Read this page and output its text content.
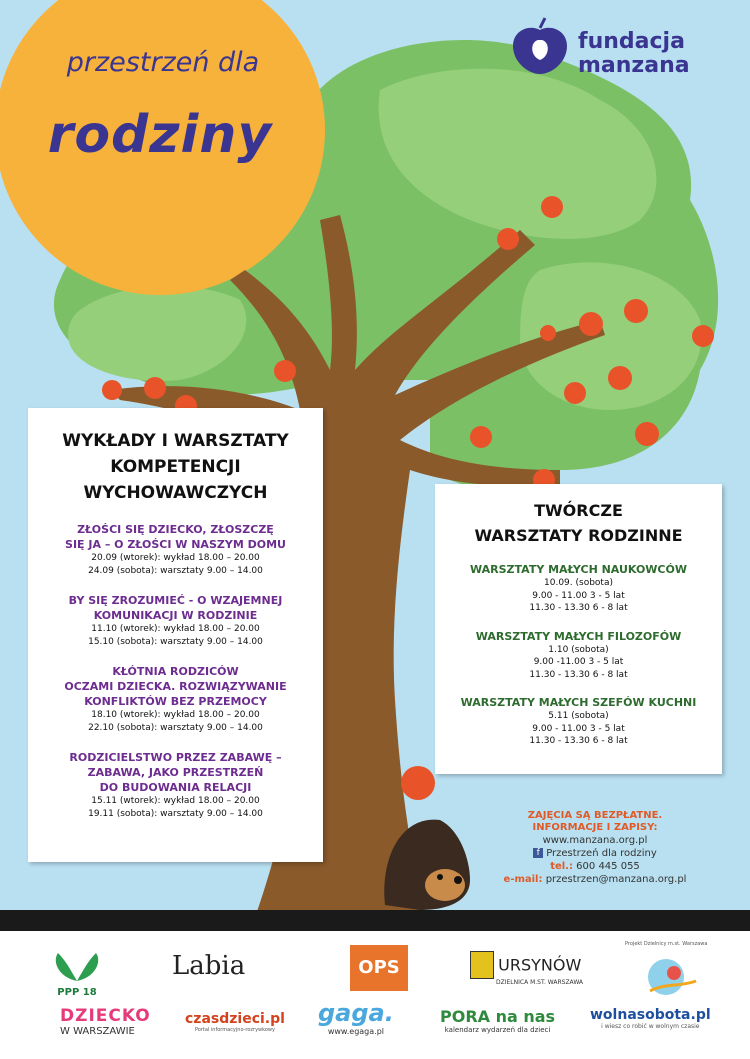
przestrzeń dla
rodziny
fundacja
manzana
WYKŁADY I WARSZTATY
KOMPETENCJI
WYCHOWAWCZYCH
ZŁOŚCI SIĘ DZIECKO, ZŁOSZCZĘ
SIĘ JA – O ZŁOŚCI W NASZYM DOMU
20.09 (wtorek): wykład 18.00 – 20.00
24.09 (sobota): warsztaty 9.00 – 14.00
BY SIĘ ZROZUMIEĆ - O WZAJEMNEJ
KOMUNIKACJI W RODZINIE
11.10 (wtorek): wykład 18.00 – 20.00
15.10 (sobota): warsztaty 9.00 – 14.00
KŁÓTNIA RODZICÓW
OCZAMI DZIECKA. ROZWIĄZYWANIE
KONFLIKTÓW BEZ PRZEMOCY
18.10 (wtorek): wykład 18.00 – 20.00
22.10 (sobota): warsztaty 9.00 – 14.00
RODZICIELSTWO PRZEZ ZABAWĘ –
ZABAWA, JAKO PRZESTRZEŃ
DO BUDOWANIA RELACJI
15.11 (wtorek): wykład 18.00 – 20.00
19.11 (sobota): warsztaty 9.00 – 14.00
TWÓRCZE
WARSZTATY RODZINNE
WARSZTATY MAŁYCH NAUKOWCÓW
10.09. (sobota)
9.00 - 11.00 3 - 5 lat
11.30 - 13.30 6 - 8 lat
WARSZTATY MAŁYCH FILOZOFÓW
1.10 (sobota)
9.00 -11.00 3 - 5 lat
11.30 - 13.30 6 - 8 lat
WARSZTATY MAŁYCH SZEFÓW KUCHNI
5.11 (sobota)
9.00 - 11.00 3 - 5 lat
11.30 - 13.30 6 - 8 lat
ZAJĘCIA SĄ BEZPŁATNE.
INFORMACJE I ZAPISY:
www.manzana.org.pl
f Przestrzeń dla rodziny
tel.: 600 445 055
e-mail: przestrzen@manzana.org.pl
PPP 18
Labia	OPS	URSYNÓW
DZIELNICA M.ST. WARSZAWA
Projekt Dzielnicy m.st. Warszawa
DZIECKO
W WARSZAWIE
czasdzieci.pl
Portal informacyjno-rozrywkowy
gaga.
www.egaga.pl
PORA na nas
kalendarz wydarzeń dla dzieci
wolnasobota.pl
i wiesz co robić w wolnym czasie
